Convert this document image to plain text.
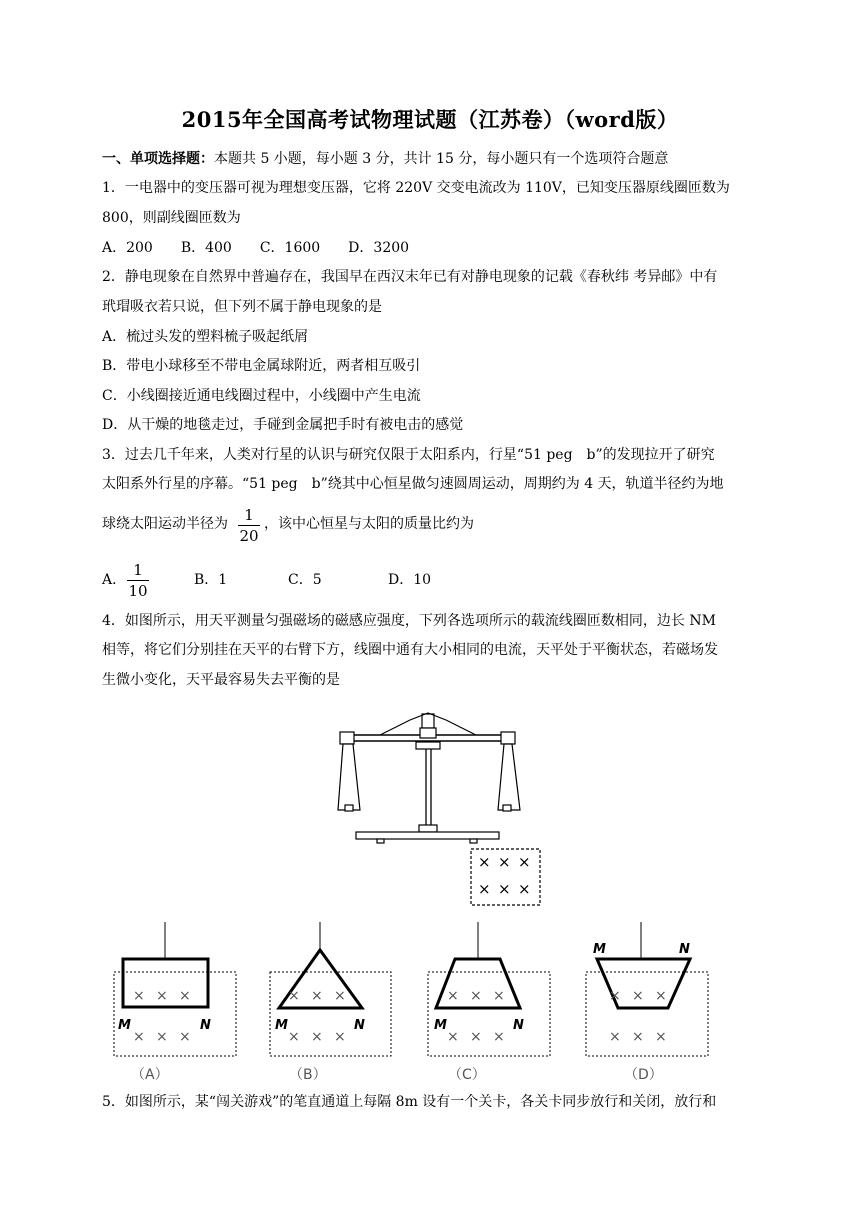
2015年全国高考试物理试题（江苏卷）（word版）
一、单项选择题：本题共 5 小题，每小题 3 分，共计 15 分，每小题只有一个选项符合题意
1．一电器中的变压器可视为理想变压器，它将 220V 交变电流改为 110V，已知变压器原线圈匝数为
800，则副线圈匝数为
A．200　　B．400　　C．1600　　D．3200
2．静电现象在自然界中普遍存在，我国早在西汉末年已有对静电现象的记载《春秋纬 考异邮》中有
玳瑁吸衣若只说，但下列不属于静电现象的是
A．梳过头发的塑料梳子吸起纸屑
B．带电小球移至不带电金属球附近，两者相互吸引
C．小线圈接近通电线圈过程中，小线圈中产生电流
D．从干燥的地毯走过，手碰到金属把手时有被电击的感觉
3．过去几千年来，人类对行星的认识与研究仅限于太阳系内，行星“51 peg　b”的发现拉开了研究
太阳系外行星的序幕。“51 peg　b”绕其中心恒星做匀速圆周运动，周期约为 4 天，轨道半径约为地
球绕太阳运动半径为	1
20
，该中心恒星与太阳的质量比约为
A．
1
10
B．1	C．5	D．10
4．如图所示，用天平测量匀强磁场的磁感应强度，下列各选项所示的载流线圈匝数相同，边长 NM
相等，将它们分别挂在天平的右臂下方，线圈中通有大小相同的电流，天平处于平衡状态，若磁场发
生微小变化，天平最容易失去平衡的是
× × ×
× × ×
× × ×
× × ×
M	N
（A）
× × ×
× × ×
M	N
（B）
× × ×
× × ×
M	N
（C）
× × ×
× × ×
M	N
（D）
5．如图所示，某“闯关游戏”的笔直通道上每隔 8m 设有一个关卡，各关卡同步放行和关闭，放行和
